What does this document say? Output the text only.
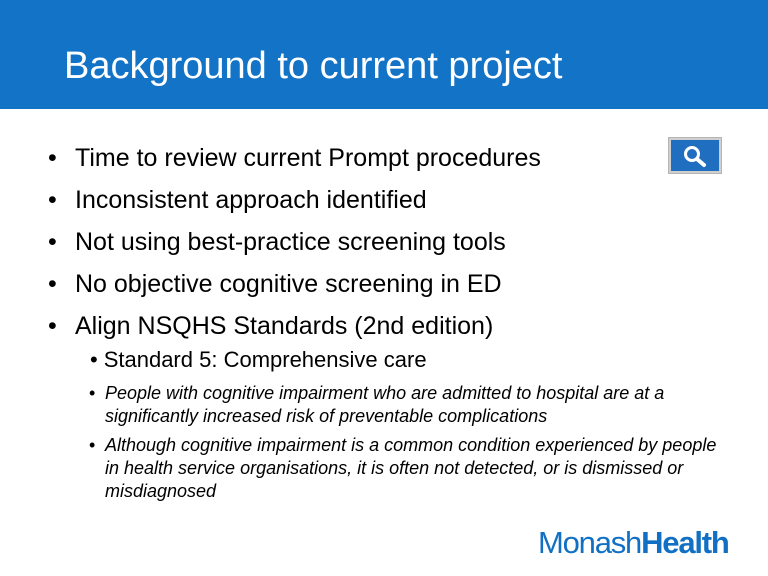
Background to current project
• Time to review current Prompt procedures
• Inconsistent approach identified
• Not using best-practice screening tools
• No objective cognitive screening in ED
• Align NSQHS Standards (2nd edition)
• Standard 5: Comprehensive care
• People with cognitive impairment who are admitted to hospital are at a significantly increased risk of preventable complications
• Although cognitive impairment is a common condition experienced by people in health service organisations, it is often not detected, or is dismissed or misdiagnosed
MonashHealth
